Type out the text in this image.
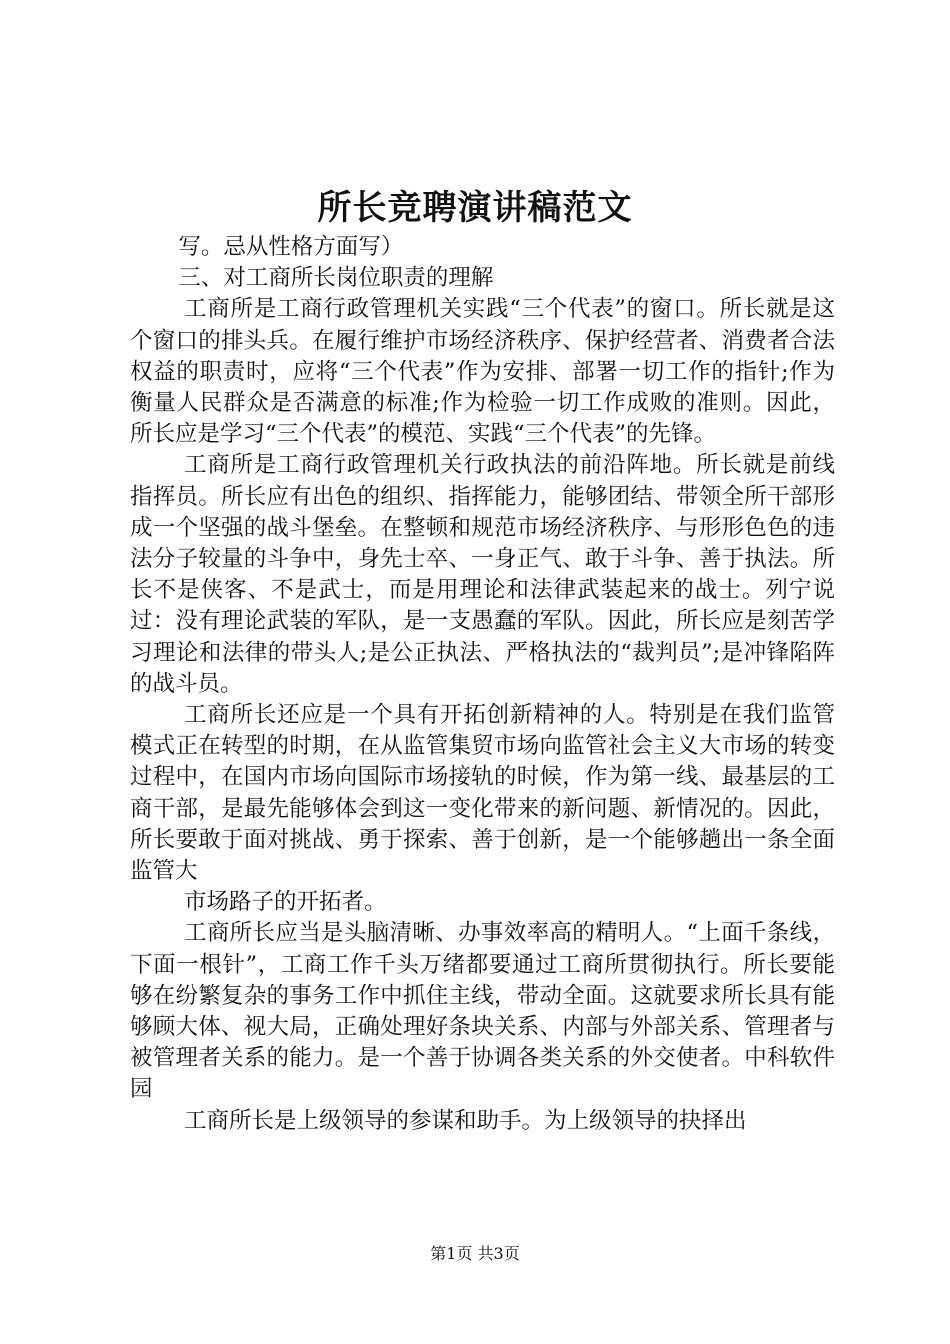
所长竞聘演讲稿范文

写。忌从性格方面写）

三、对工商所长岗位职责的理解

工商所是工商行政管理机关实践“三个代表”的窗口。所长就是这个窗口的排头兵。在履行维护市场经济秩序、保护经营者、消费者合法权益的职责时，应将“三个代表”作为安排、部署一切工作的指针;作为衡量人民群众是否满意的标准;作为检验一切工作成败的准则。因此，所长应是学习“三个代表”的模范、实践“三个代表”的先锋。

工商所是工商行政管理机关行政执法的前沿阵地。所长就是前线指挥员。所长应有出色的组织、指挥能力，能够团结、带领全所干部形成一个坚强的战斗堡垒。在整顿和规范市场经济秩序、与形形色色的违法分子较量的斗争中，身先士卒、一身正气、敢于斗争、善于执法。所长不是侠客、不是武士，而是用理论和法律武装起来的战士。列宁说过：没有理论武装的军队，是一支愚蠢的军队。因此，所长应是刻苦学习理论和法律的带头人;是公正执法、严格执法的“裁判员”;是冲锋陷阵的战斗员。

工商所长还应是一个具有开拓创新精神的人。特别是在我们监管模式正在转型的时期，在从监管集贸市场向监管社会主义大市场的转变过程中，在国内市场向国际市场接轨的时候，作为第一线、最基层的工商干部，是最先能够体会到这一变化带来的新问题、新情况的。因此，所长要敢于面对挑战、勇于探索、善于创新，是一个能够趟出一条全面监管大

市场路子的开拓者。

工商所长应当是头脑清晰、办事效率高的精明人。“上面千条线，下面一根针”，工商工作千头万绪都要通过工商所贯彻执行。所长要能够在纷繁复杂的事务工作中抓住主线，带动全面。这就要求所长具有能够顾大体、视大局，正确处理好条块关系、内部与外部关系、管理者与被管理者关系的能力。是一个善于协调各类关系的外交使者。中科软件园

工商所长是上级领导的参谋和助手。为上级领导的抉择出

第1页 共3页
